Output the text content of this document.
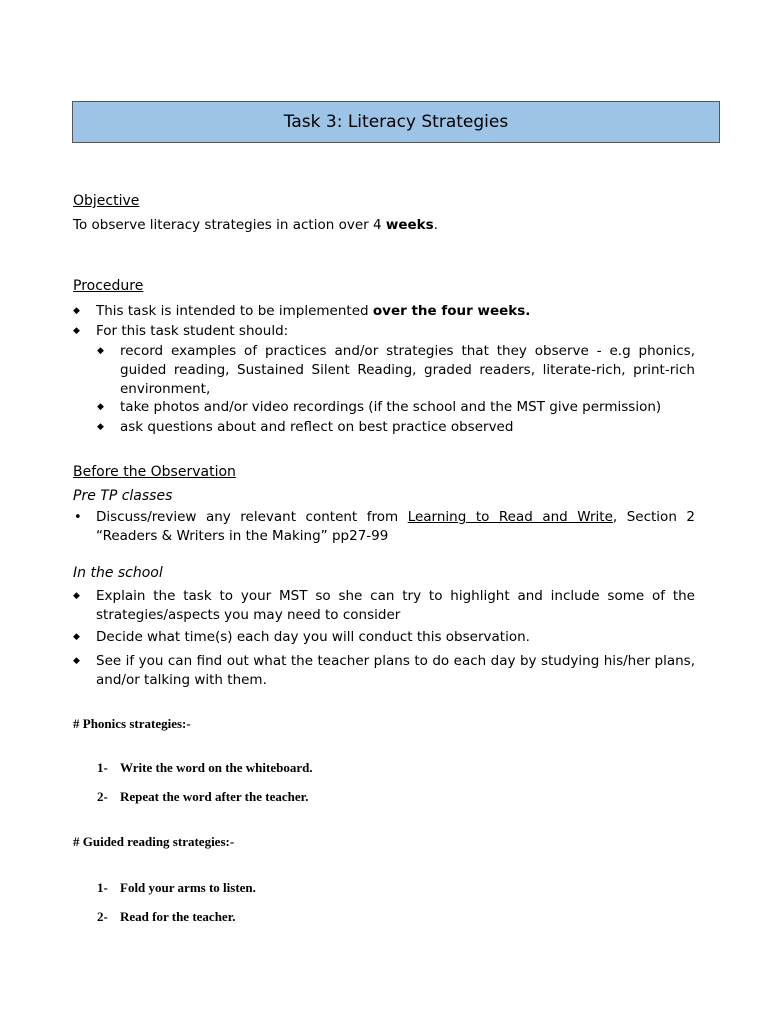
Task 3: Literacy Strategies
Objective
To observe literacy strategies in action over 4 weeks.
Procedure
◆ This task is intended to be implemented over the four weeks.
◆ For this task student should:
◆ record examples of practices and/or strategies that they observe - e.g phonics, guided reading, Sustained Silent Reading, graded readers, literate-rich, print-rich environment,
◆ take photos and/or video recordings (if the school and the MST give permission)
◆ ask questions about and reflect on best practice observed
Before the Observation
Pre TP classes
• Discuss/review any relevant content from Learning to Read and Write, Section 2 “Readers & Writers in the Making” pp27-99
In the school
◆ Explain the task to your MST so she can try to highlight and include some of the strategies/aspects you may need to consider
◆ Decide what time(s) each day you will conduct this observation.
◆ See if you can find out what the teacher plans to do each day by studying his/her plans, and/or talking with them.
# Phonics strategies:-
1- Write the word on the whiteboard.
2- Repeat the word after the teacher.
# Guided reading strategies:-
1- Fold your arms to listen.
2- Read for the teacher.
